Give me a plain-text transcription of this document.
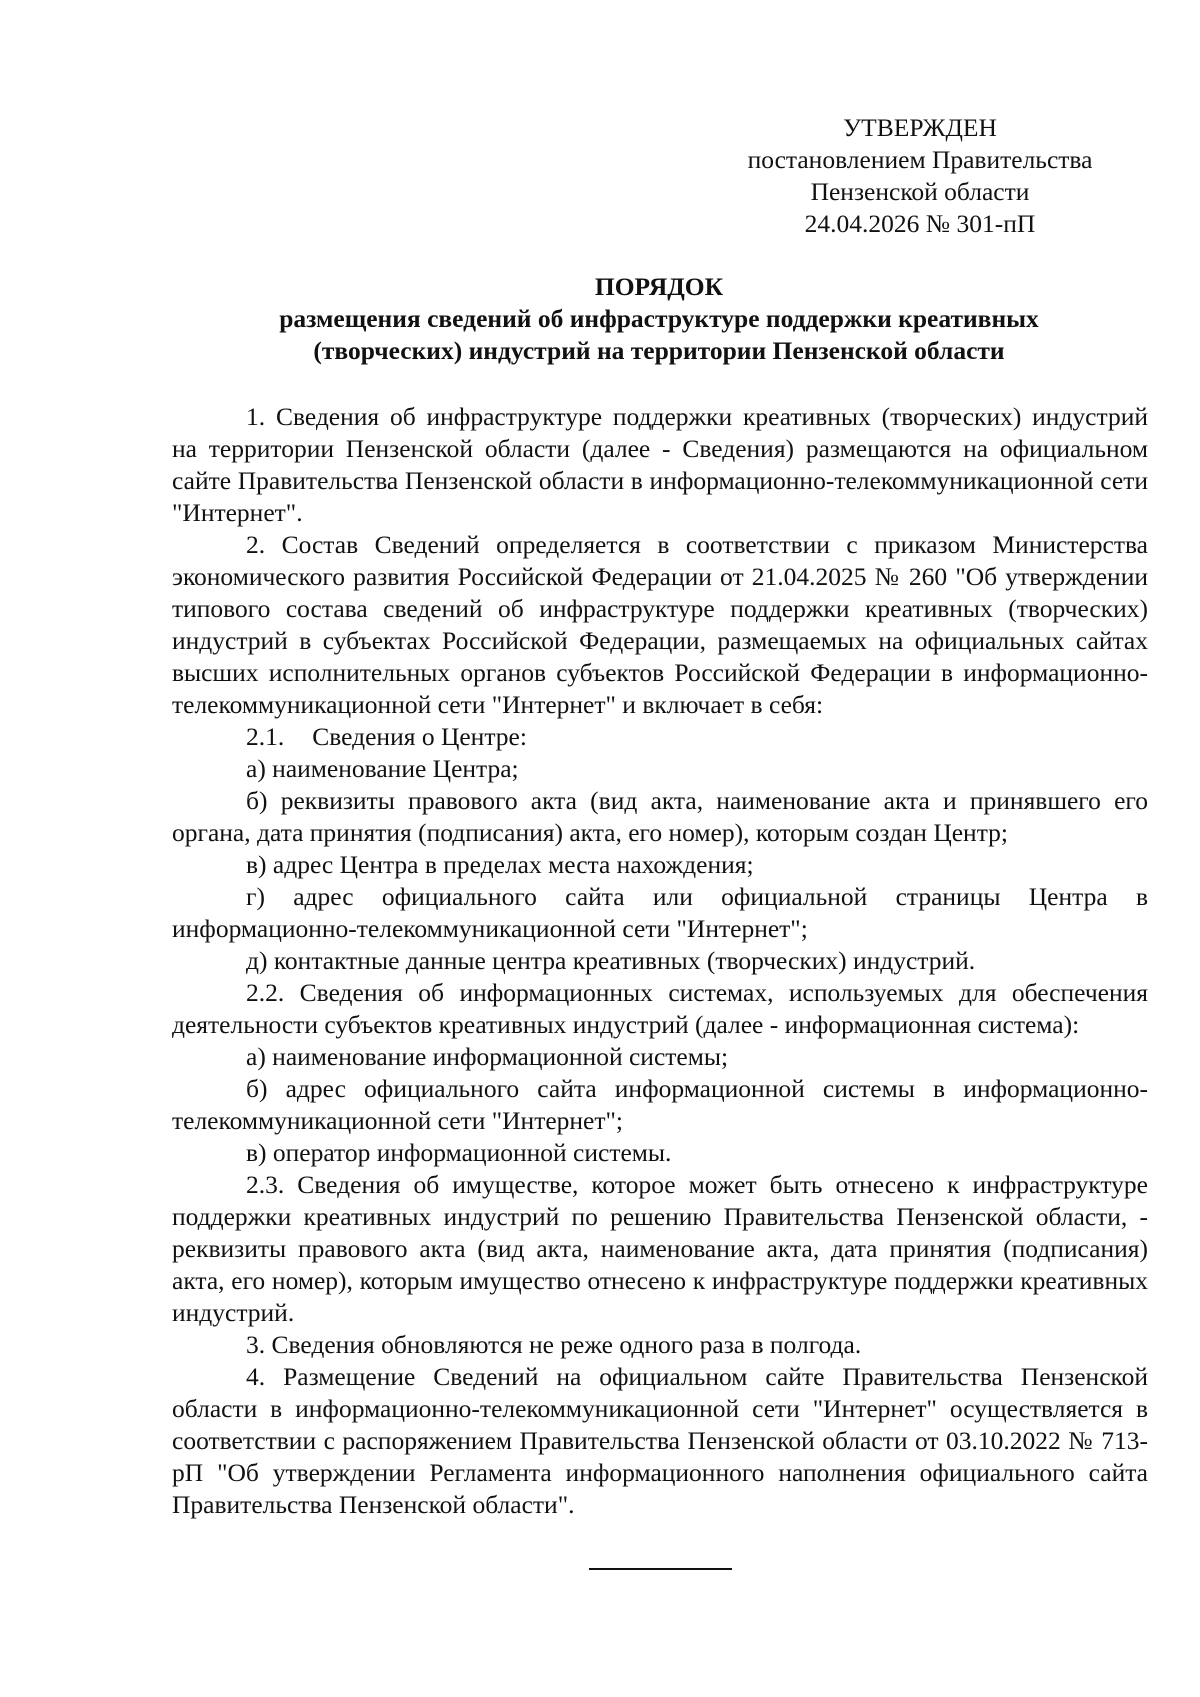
УТВЕРЖДЕН
постановлением Правительства
Пензенской области
24.04.2026 № 301-пП
ПОРЯДОК
размещения сведений об инфраструктуре поддержки креативных
(творческих) индустрий на территории Пензенской области

1. Сведения об инфраструктуре поддержки креативных (творческих) индустрий на территории Пензенской области (далее - Сведения) размещаются на официальном сайте Правительства Пензенской области в информационно-телекоммуникационной сети "Интернет".

2. Состав Сведений определяется в соответствии с приказом Министерства экономического развития Российской Федерации от 21.04.2025 № 260 "Об утверждении типового состава сведений об инфраструктуре поддержки креативных (творческих) индустрий в субъектах Российской Федерации, размещаемых на официальных сайтах высших исполнительных органов субъектов Российской Федерации в информационно-телекоммуникационной сети "Интернет" и включает в себя:

2.1. Сведения о Центре:

а) наименование Центра;

б) реквизиты правового акта (вид акта, наименование акта и принявшего его органа, дата принятия (подписания) акта, его номер), которым создан Центр;

в) адрес Центра в пределах места нахождения;

г) адрес официального сайта или официальной страницы Центра в информационно-телекоммуникационной сети "Интернет";

д) контактные данные центра креативных (творческих) индустрий.

2.2. Сведения об информационных системах, используемых для обеспечения деятельности субъектов креативных индустрий (далее - информационная система):

а) наименование информационной системы;

б) адрес официального сайта информационной системы в информационно-телекоммуникационной сети "Интернет";

в) оператор информационной системы.

2.3. Сведения об имуществе, которое может быть отнесено к инфраструктуре поддержки креативных индустрий по решению Правительства Пензенской области, - реквизиты правового акта (вид акта, наименование акта, дата принятия (подписания) акта, его номер), которым имущество отнесено к инфраструктуре поддержки креативных индустрий.

3. Сведения обновляются не реже одного раза в полгода.

4. Размещение Сведений на официальном сайте Правительства Пензенской области в информационно-телекоммуникационной сети "Интернет" осуществляется в соответствии с распоряжением Правительства Пензенской области от 03.10.2022 № 713-рП "Об утверждении Регламента информационного наполнения официального сайта Правительства Пензенской области".
